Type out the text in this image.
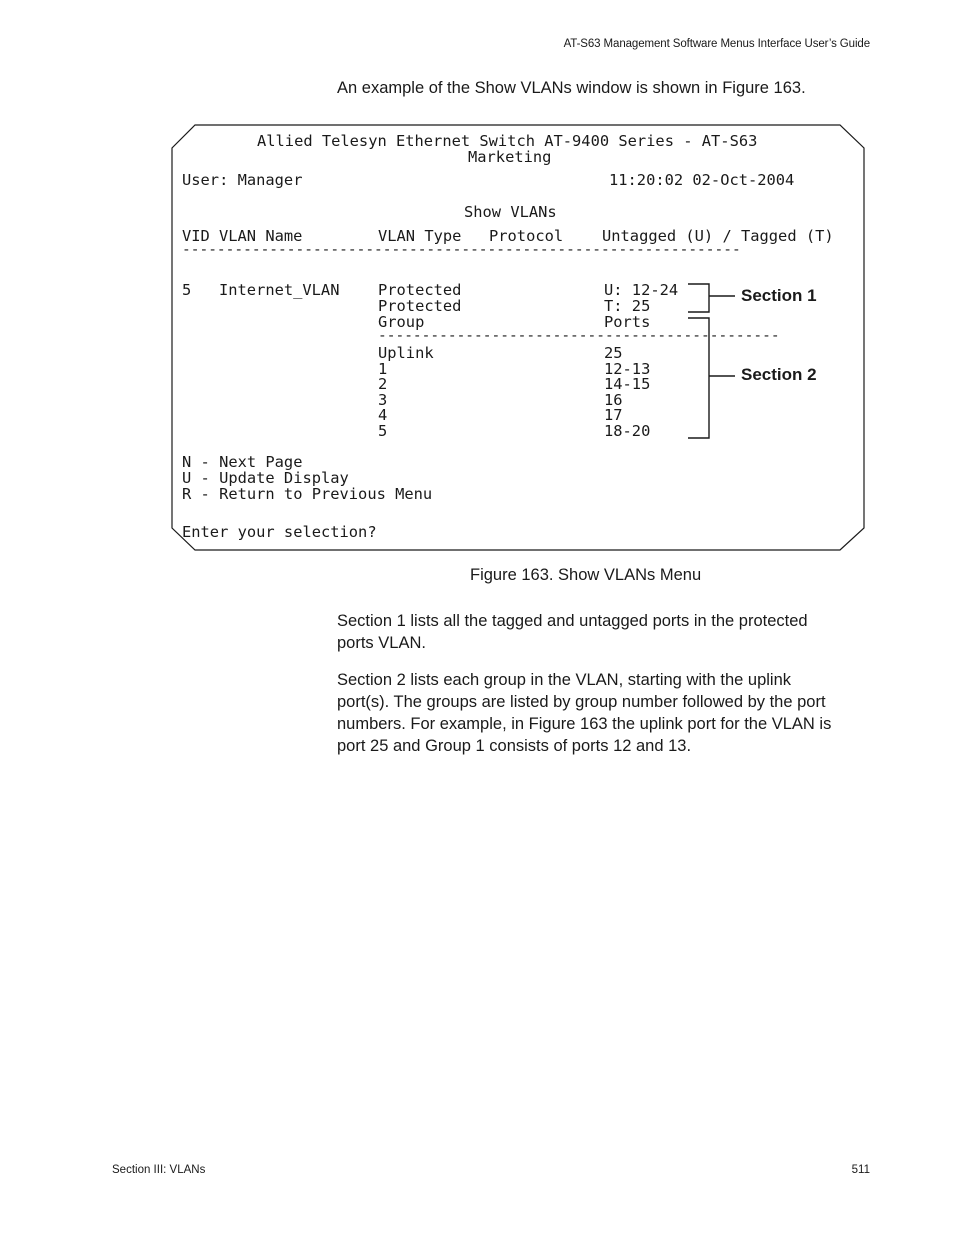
AT-S63 Management Software Menus Interface User’s Guide
An example of the Show VLANs window is shown in Figure 163.
Allied Telesyn Ethernet Switch AT-9400 Series - AT-S63
Marketing
User: Manager	11:20:02 02-Oct-2004
Show VLANs
VID VLAN Name	VLAN Type Protocol	Untagged (U) / Tagged (T)
----------------------------------------------------------------
5 Internet_VLAN	Protected	U: 12-24
Protected	T: 25
Group	Ports
----------------------------------------------
Uplink	25
1	12-13
2	14-15
3	16
4	17
5	18-20
N - Next Page
U - Update Display
R - Return to Previous Menu
Enter your selection?
Section 1
Section 2
Figure 163. Show VLANs Menu
Section 1 lists all the tagged and untagged ports in the protected ports VLAN.
Section 2 lists each group in the VLAN, starting with the uplink port(s). The groups are listed by group number followed by the port numbers. For example, in Figure 163 the uplink port for the VLAN is port 25 and Group 1 consists of ports 12 and 13.
Section III: VLANs	511
